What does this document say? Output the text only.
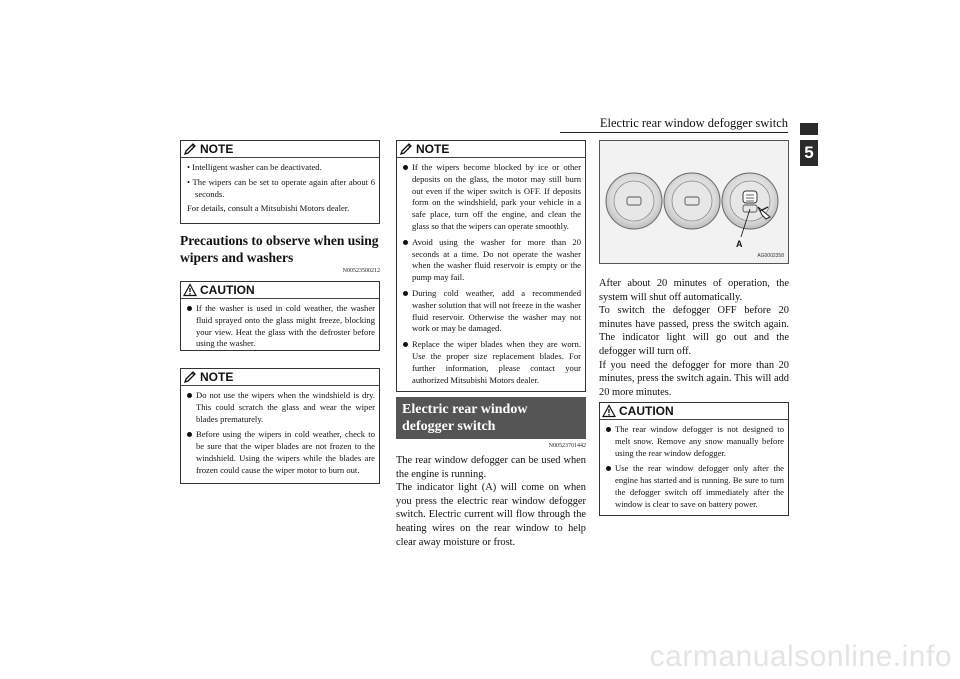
Electric rear window defogger switch
5
NOTE

• Intelligent washer can be deactivated.

• The wipers can be set to operate again after about 6 seconds.

For details, consult a Mitsubishi Motors dealer.

Precautions to observe when using wipers and washers
N00523500212
CAUTION

If the washer is used in cold weather, the washer fluid sprayed onto the glass might freeze, blocking your view. Heat the glass with the defroster before using the washer.

NOTE

Do not use the wipers when the windshield is dry. This could scratch the glass and wear the wiper blades prematurely.

Before using the wipers in cold weather, check to be sure that the wiper blades are not frozen to the windshield. Using the wipers while the blades are frozen could cause the wiper motor to burn out.

NOTE

If the wipers become blocked by ice or other deposits on the glass, the motor may still burn out even if the wiper switch is OFF. If deposits form on the windshield, park your vehicle in a safe place, turn off the engine, and clean the glass so that the wipers can operate smoothly.

Avoid using the washer for more than 20 seconds at a time. Do not operate the washer when the washer fluid reservoir is empty or the pump may fail.

During cold weather, add a recommended washer solution that will not freeze in the washer fluid reservoir. Otherwise the washer may not work or may be damaged.

Replace the wiper blades when they are worn. Use the proper size replacement blades. For further information, please contact your authorized Mitsubishi Motors dealer.

Electric rear window defogger switch
N00523701442

The rear window defogger can be used when the engine is running.

The indicator light (A) will come on when you press the electric rear window defogger switch. Electric current will flow through the heating wires on the rear window to help clear away moisture or frost.

A
AG0002358

After about 20 minutes of operation, the system will shut off automatically.

To switch the defogger OFF before 20 minutes have passed, press the switch again. The indicator light will go out and the defogger will turn off.

If you need the defogger for more than 20 minutes, press the switch again. This will add 20 more minutes.

CAUTION

The rear window defogger is not designed to melt snow. Remove any snow manually before using the rear window defogger.

Use the rear window defogger only after the engine has started and is running. Be sure to turn the defogger switch off immediately after the window is clear to save on battery power.

carmanualsonline.info
